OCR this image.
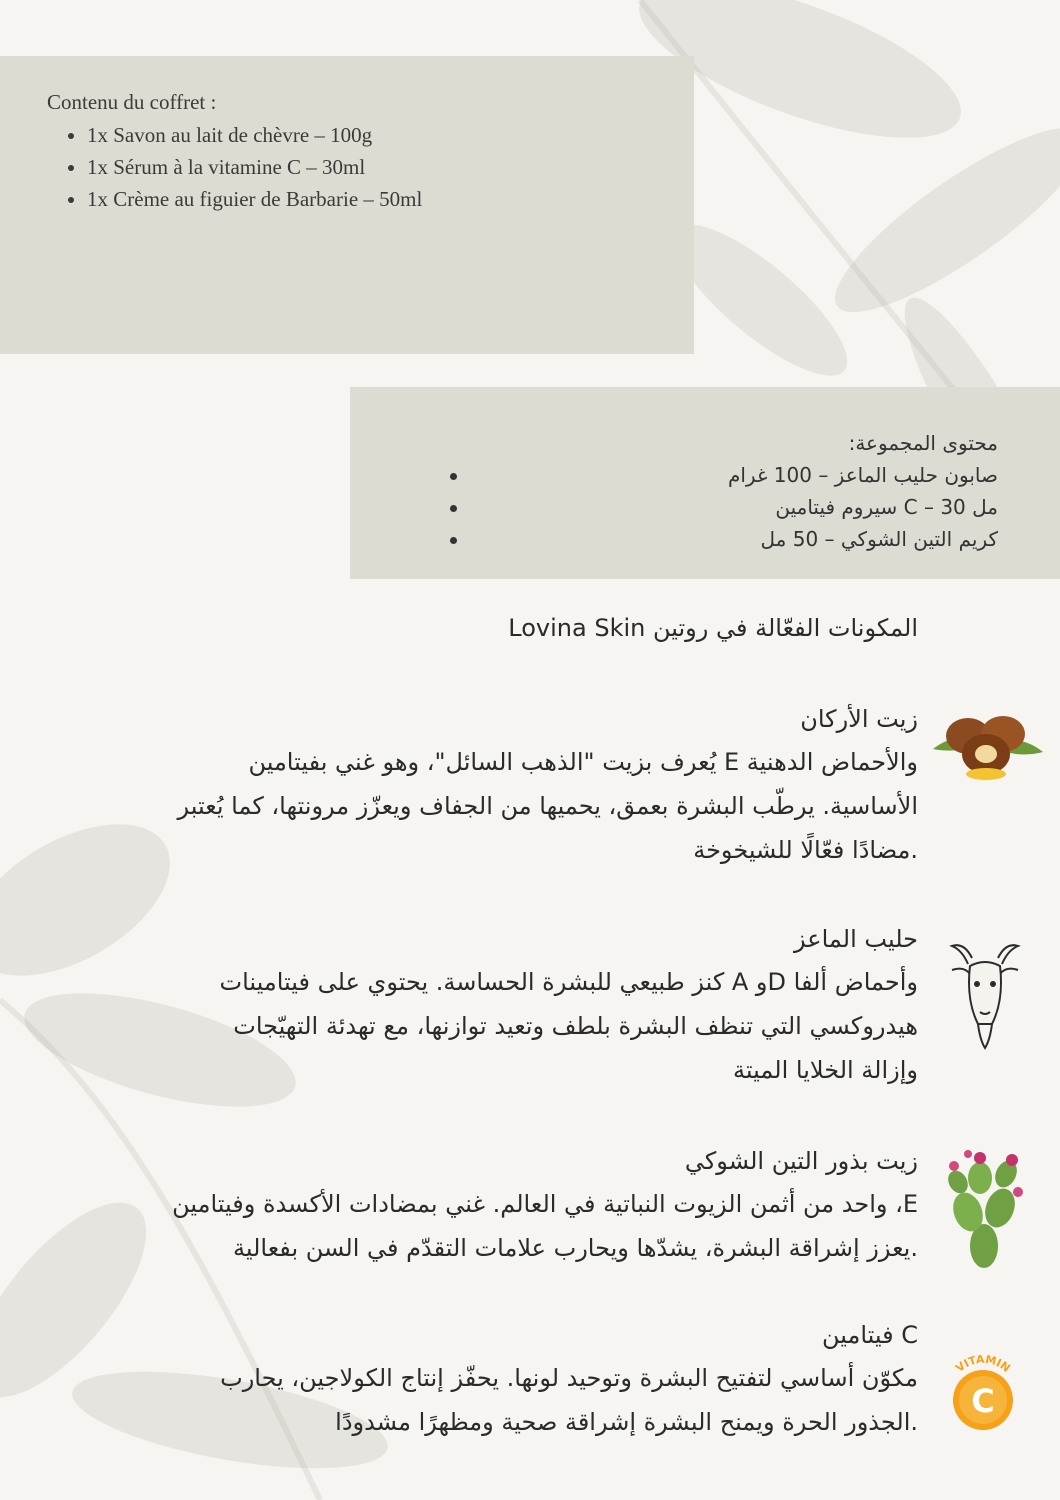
Contenu du coffret :
• 1x Savon au lait de chèvre – 100g
• 1x Sérum à la vitamine C – 30ml
• 1x Crème au figuier de Barbarie – 50ml
محتوى المجموعة:
صابون حليب الماعز – 100 غرام
مل 30 – C سيروم فيتامين
كريم التين الشوكي – 50 مل
المكونات الفعّالة في روتين Lovina Skin
زيت الأركان
والأحماض الدهنية E يُعرف بزيت "الذهب السائل"، وهو غني بفيتامين
الأساسية. يرطّب البشرة بعمق، يحميها من الجفاف ويعزّز مرونتها، كما يُعتبر
.مضادًا فعّالًا للشيخوخة
حليب الماعز
وأحماض ألفا Dو A كنز طبيعي للبشرة الحساسة. يحتوي على فيتامينات
هيدروكسي التي تنظف البشرة بلطف وتعيد توازنها، مع تهدئة التهيّجات
وإزالة الخلايا الميتة
زيت بذور التين الشوكي
E، واحد من أثمن الزيوت النباتية في العالم. غني بمضادات الأكسدة وفيتامين
.يعزز إشراقة البشرة، يشدّها ويحارب علامات التقدّم في السن بفعالية
C فيتامين
مكوّن أساسي لتفتيح البشرة وتوحيد لونها. يحفّز إنتاج الكولاجين، يحارب
.الجذور الحرة ويمنح البشرة إشراقة صحية ومظهرًا مشدودًا
VITAMIN
C
